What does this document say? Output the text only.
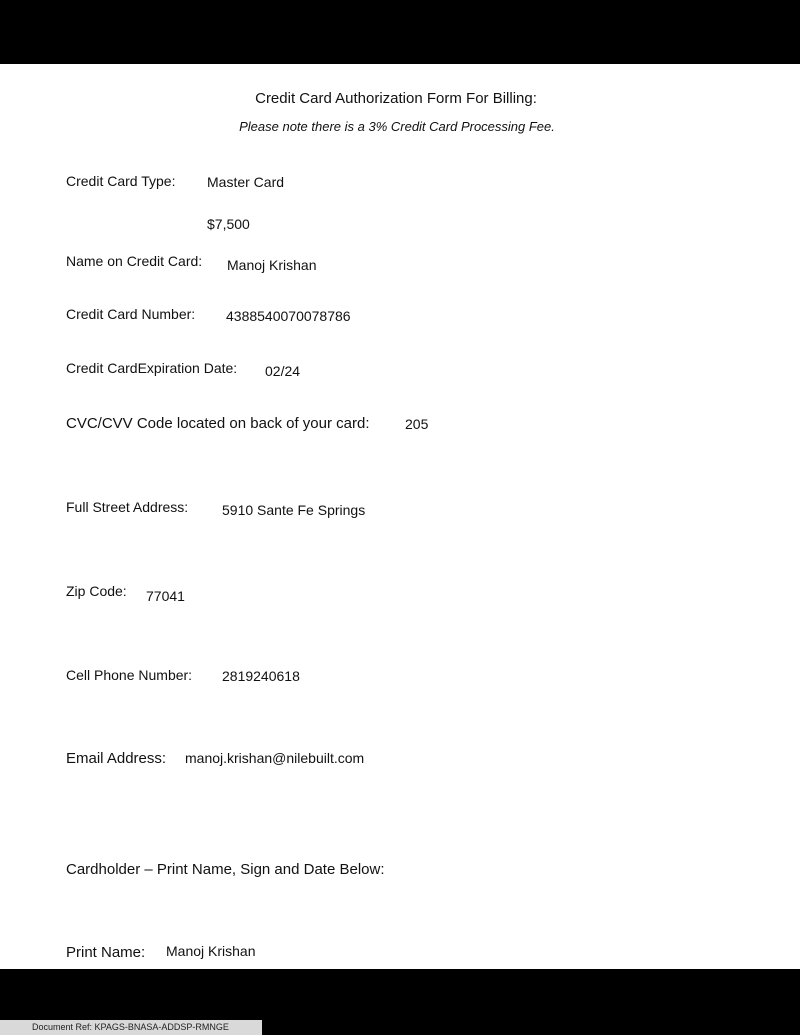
Credit Card Authorization Form For Billing:
Please note there is a 3% Credit Card Processing Fee.
Credit Card Type: Master Card
$7,500
Name on Credit Card: Manoj Krishan
Credit Card Number: 4388540070078786
Credit CardExpiration Date: 02/24
CVC/CVV Code located on back of your card:	205
Full Street Address: 5910 Sante Fe Springs
Zip Code: 77041
Cell Phone Number: 2819240618
Email Address: manoj.krishan@nilebuilt.com
Cardholder – Print Name, Sign and Date Below:
Print Name: Manoj Krishan
Document Ref: KPAGS-BNASA-ADDSP-RMNGE
